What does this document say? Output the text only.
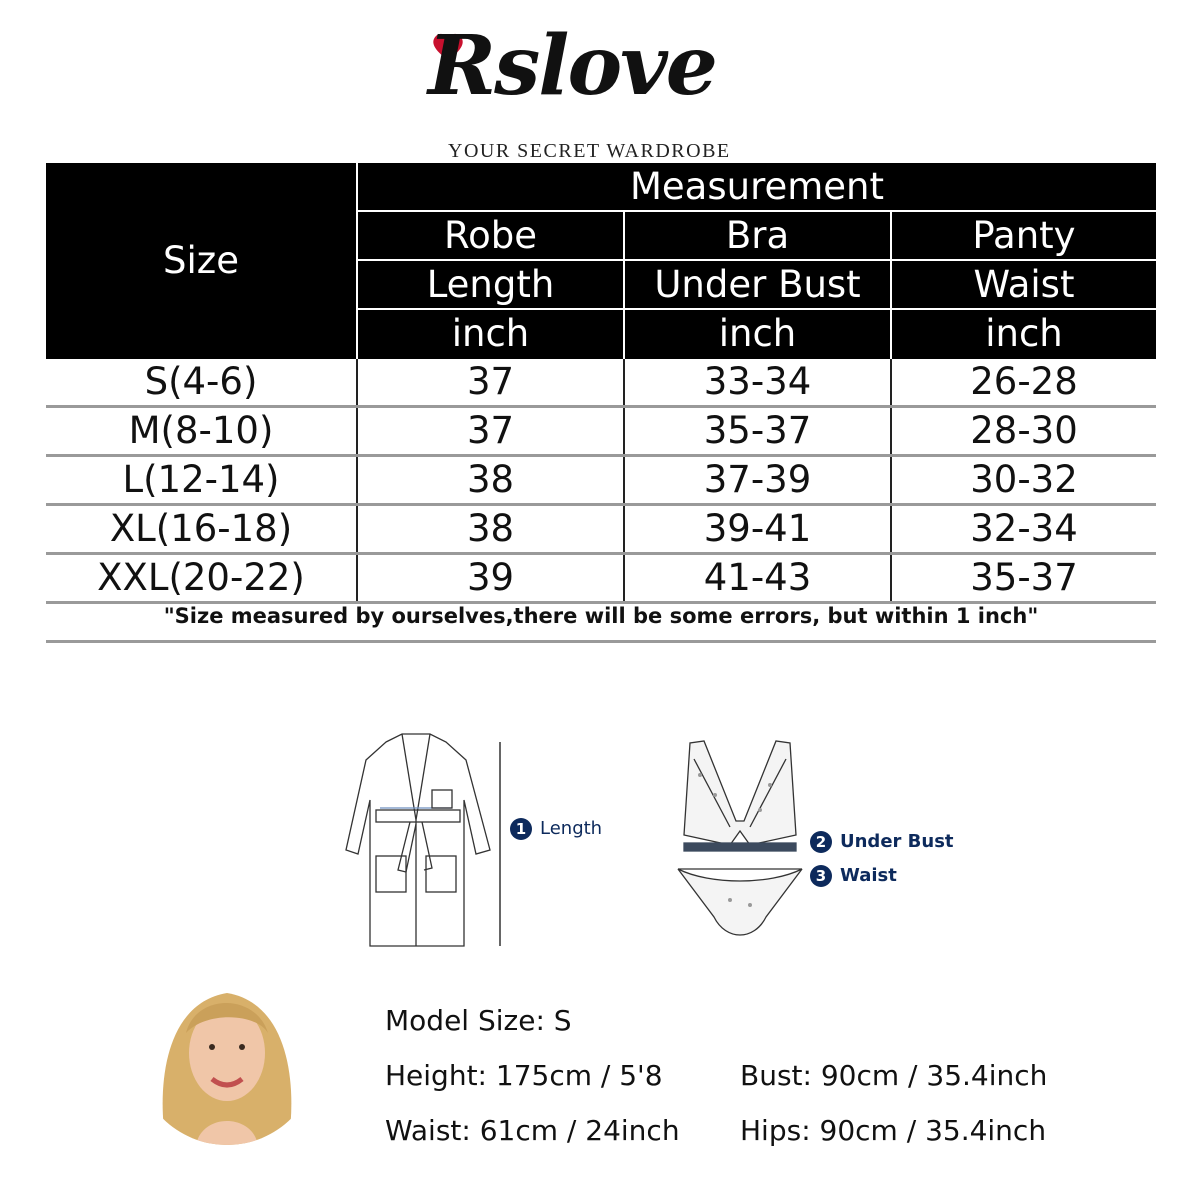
Rslove
YOUR SECRET WARDROBE
Size	Measurement		
	Robe	Bra	Panty
	Length	Under Bust	Waist
	inch	inch	inch
S(4-6)	37	33-34	26-28
M(8-10)	37	35-37	28-30
L(12-14)	38	37-39	30-32
XL(16-18)	38	39-41	32-34
XXL(20-22)	39	41-43	35-37
"Size measured by ourselves,there will be some errors, but within 1 inch"
1 Length
2 Under Bust
3 Waist
Model Size: S
Height: 175cm / 5'8
Waist: 61cm / 24inch
Bust: 90cm / 35.4inch
Hips: 90cm / 35.4inch
